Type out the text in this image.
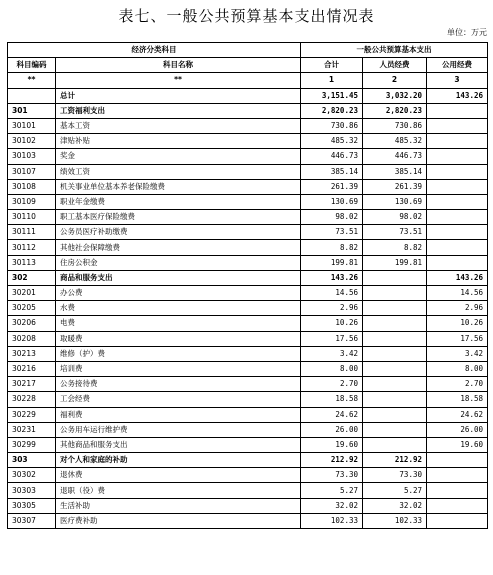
表七、一般公共预算基本支出情况表
单位：万元
经济分类科目		一般公共预算基本支出		
科目编码	科目名称	合计	人员经费	公用经费
**	**	1	2	3
	总计	3,151.45	3,032.20	143.26
301	工资福利支出	2,820.23	2,820.23	
30101	基本工资	730.86	730.86	
30102	津贴补贴	485.32	485.32	
30103	奖金	446.73	446.73	
30107	绩效工资	385.14	385.14	
30108	机关事业单位基本养老保险缴费	261.39	261.39	
30109	职业年金缴费	130.69	130.69	
30110	职工基本医疗保险缴费	98.02	98.02	
30111	公务员医疗补助缴费	73.51	73.51	
30112	其他社会保障缴费	8.82	8.82	
30113	住房公积金	199.81	199.81	
302	商品和服务支出	143.26		143.26
30201	办公费	14.56		14.56
30205	水费	2.96		2.96
30206	电费	10.26		10.26
30208	取暖费	17.56		17.56
30213	维修（护）费	3.42		3.42
30216	培训费	8.00		8.00
30217	公务接待费	2.70		2.70
30228	工会经费	18.58		18.58
30229	福利费	24.62		24.62
30231	公务用车运行维护费	26.00		26.00
30299	其他商品和服务支出	19.60		19.60
303	对个人和家庭的补助	212.92	212.92	
30302	退休费	73.30	73.30	
30303	退职（役）费	5.27	5.27	
30305	生活补助	32.02	32.02	
30307	医疗费补助	102.33	102.33	
